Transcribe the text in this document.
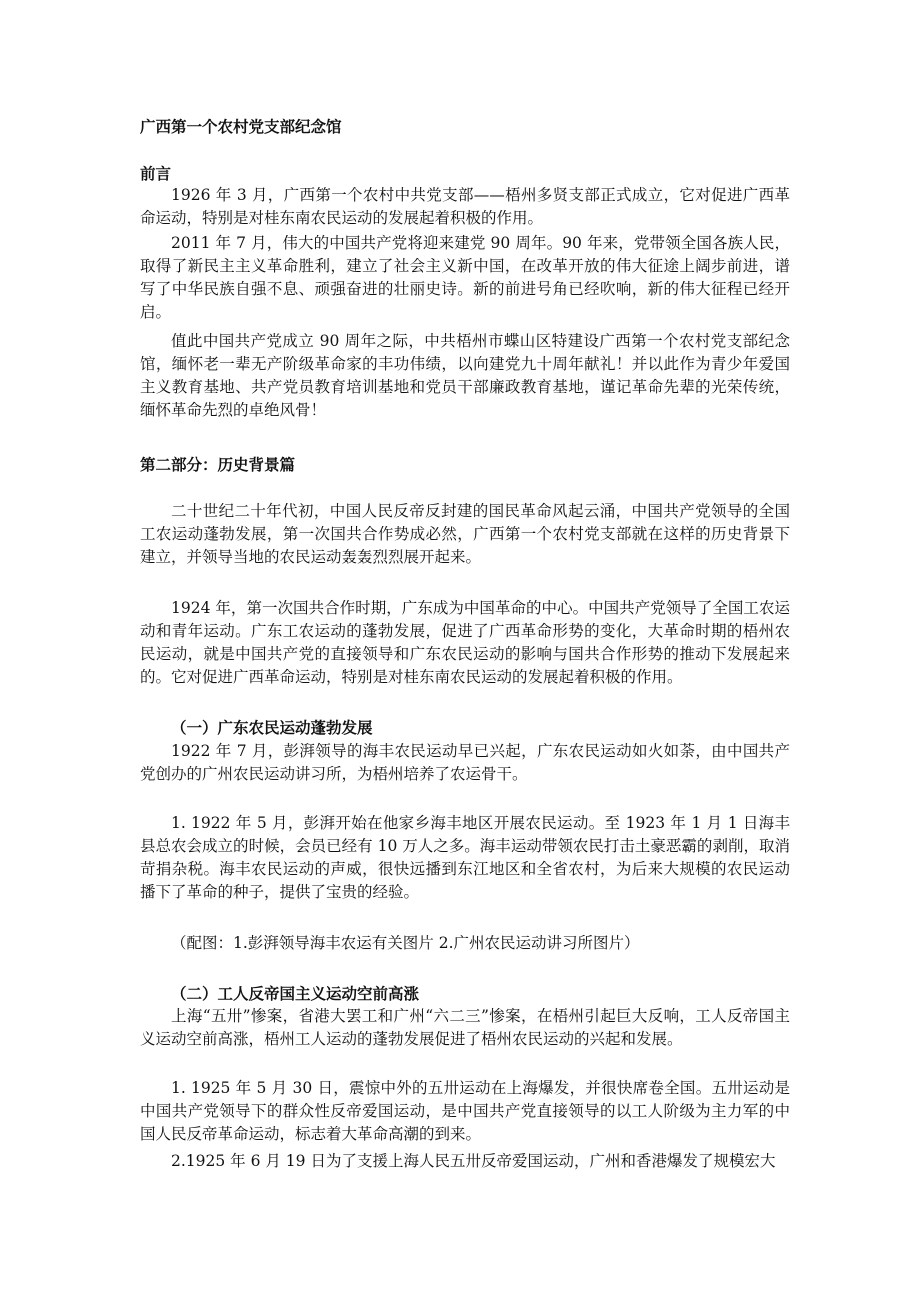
广西第一个农村党支部纪念馆

前言

1926 年 3 月，广西第一个农村中共党支部——梧州多贤支部正式成立，它对促进广西革命运动，特别是对桂东南农民运动的发展起着积极的作用。

2011 年 7 月，伟大的中国共产党将迎来建党 90 周年。90 年来，党带领全国各族人民，取得了新民主主义革命胜利，建立了社会主义新中国，在改革开放的伟大征途上阔步前进，谱写了中华民族自强不息、顽强奋进的壮丽史诗。新的前进号角已经吹响，新的伟大征程已经开启。

值此中国共产党成立 90 周年之际，中共梧州市蝶山区特建设广西第一个农村党支部纪念馆，缅怀老一辈无产阶级革命家的丰功伟绩，以向建党九十周年献礼！并以此作为青少年爱国主义教育基地、共产党员教育培训基地和党员干部廉政教育基地，谨记革命先辈的光荣传统，缅怀革命先烈的卓绝风骨！

第二部分：历史背景篇

二十世纪二十年代初，中国人民反帝反封建的国民革命风起云涌，中国共产党领导的全国工农运动蓬勃发展，第一次国共合作势成必然，广西第一个农村党支部就在这样的历史背景下建立，并领导当地的农民运动轰轰烈烈展开起来。

1924 年，第一次国共合作时期，广东成为中国革命的中心。中国共产党领导了全国工农运动和青年运动。广东工农运动的蓬勃发展，促进了广西革命形势的变化，大革命时期的梧州农民运动，就是中国共产党的直接领导和广东农民运动的影响与国共合作形势的推动下发展起来的。它对促进广西革命运动，特别是对桂东南农民运动的发展起着积极的作用。

（一）广东农民运动蓬勃发展

1922 年 7 月，彭湃领导的海丰农民运动早已兴起，广东农民运动如火如荼，由中国共产党创办的广州农民运动讲习所，为梧州培养了农运骨干。

1. 1922 年 5 月，彭湃开始在他家乡海丰地区开展农民运动。至 1923 年 1 月 1 日海丰县总农会成立的时候，会员已经有 10 万人之多。海丰运动带领农民打击土豪恶霸的剥削，取消苛捐杂税。海丰农民运动的声威，很快远播到东江地区和全省农村，为后来大规模的农民运动播下了革命的种子，提供了宝贵的经验。

（配图：1.彭湃领导海丰农运有关图片 2.广州农民运动讲习所图片）

（二）工人反帝国主义运动空前高涨

上海“五卅”惨案，省港大罢工和广州“六二三”惨案，在梧州引起巨大反响，工人反帝国主义运动空前高涨，梧州工人运动的蓬勃发展促进了梧州农民运动的兴起和发展。

1. 1925 年 5 月 30 日，震惊中外的五卅运动在上海爆发，并很快席卷全国。五卅运动是中国共产党领导下的群众性反帝爱国运动，是中国共产党直接领导的以工人阶级为主力军的中国人民反帝革命运动，标志着大革命高潮的到来。

2.1925 年 6 月 19 日为了支援上海人民五卅反帝爱国运动，广州和香港爆发了规模宏大
